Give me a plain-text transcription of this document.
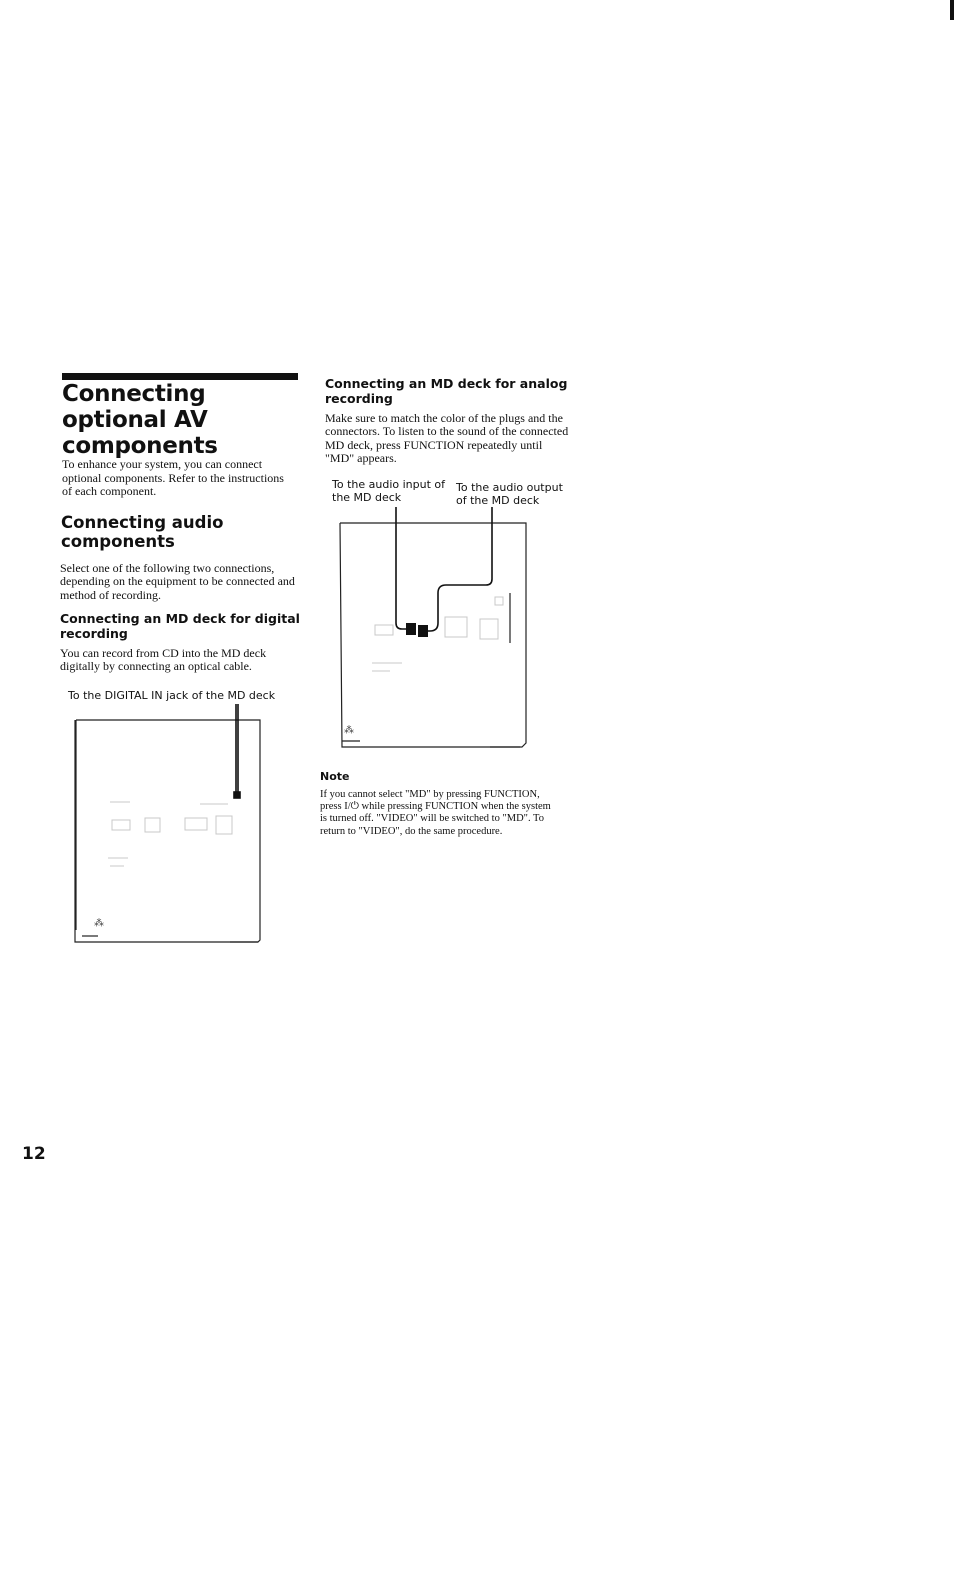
Connecting optional AV components
To enhance your system, you can connect optional components. Refer to the instructions of each component.
Connecting audio components
Select one of the following two connections, depending on the equipment to be connected and method of recording.
Connecting an MD deck for digital recording
You can record from CD into the MD deck digitally by connecting an optical cable.
To the DIGITAL IN jack of the MD deck
⁂
Connecting an MD deck for analog recording
Make sure to match the color of the plugs and the connectors. To listen to the sound of the connected MD deck, press FUNCTION repeatedly until "MD" appears.
To the audio input of the MD deck
To the audio output of the MD deck
⁂
Note
If you cannot select "MD" by pressing FUNCTION, press I/⏻ while pressing FUNCTION when the system is turned off. "VIDEO" will be switched to "MD". To return to "VIDEO", do the same procedure.
12
